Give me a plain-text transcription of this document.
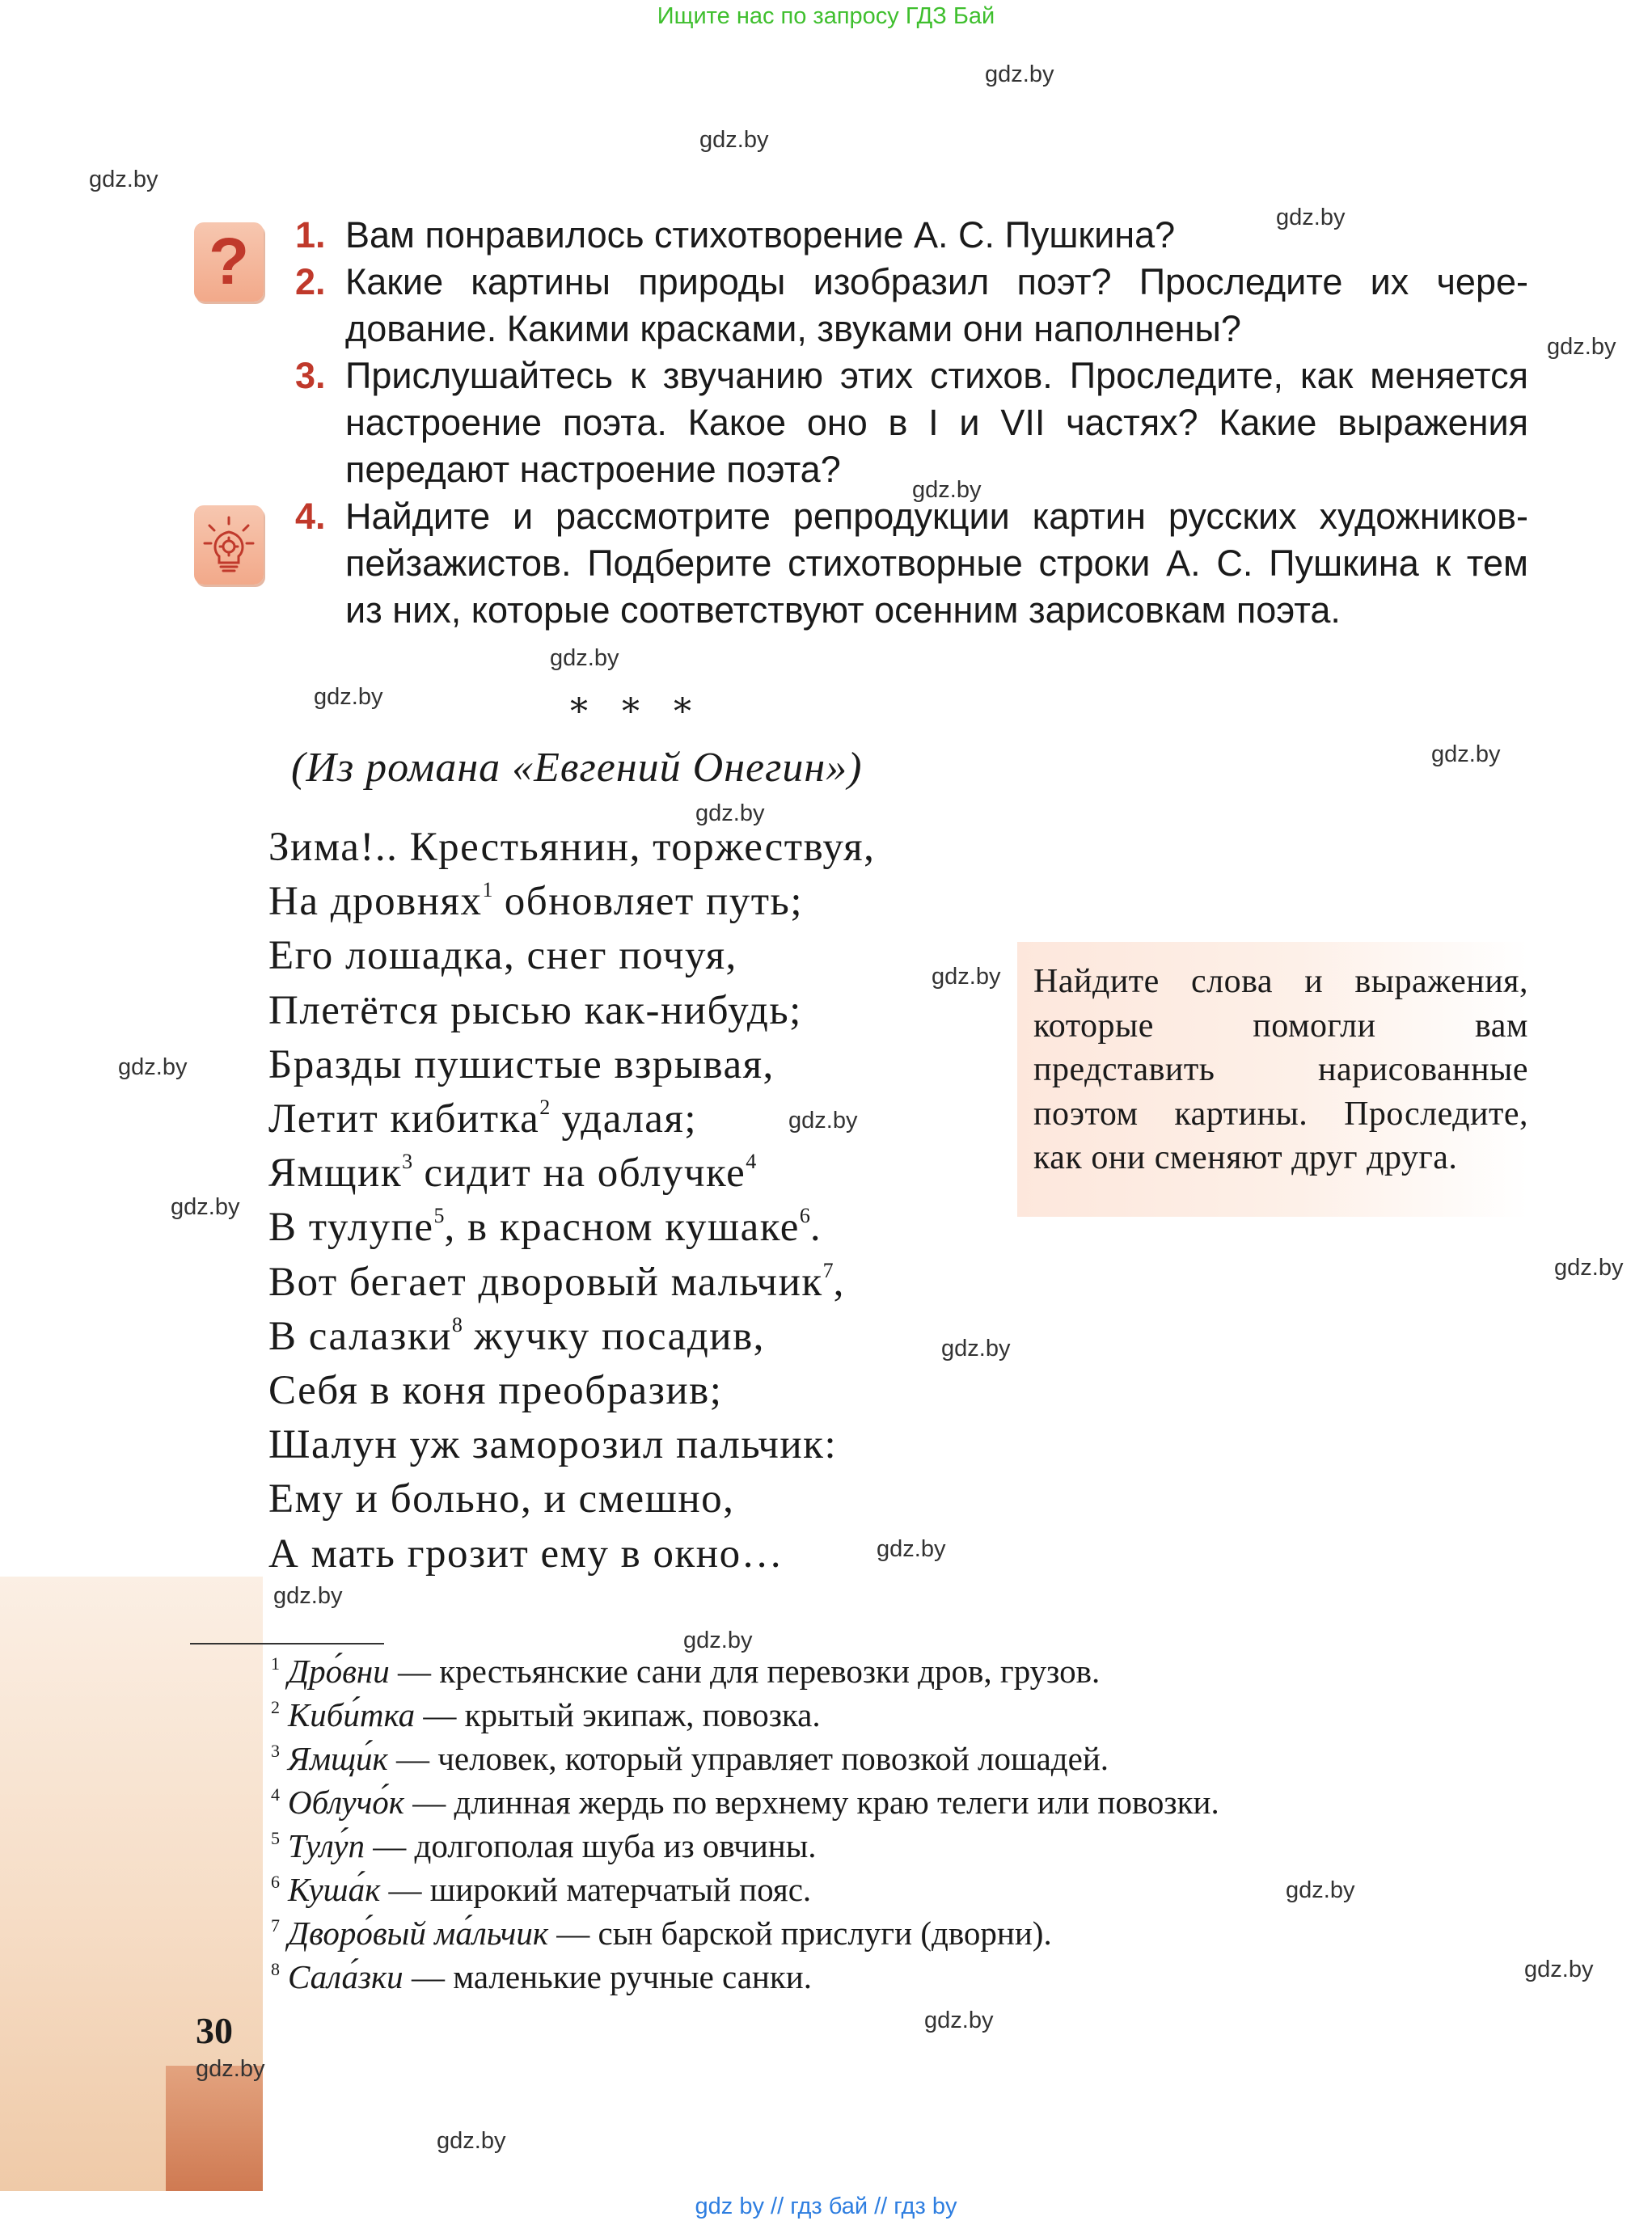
Ищите нас по запросу ГДЗ Бай
gdz.by
gdz.by
gdz.by
gdz.by
gdz.by
gdz.by
gdz.by
gdz.by
gdz.by
gdz.by
gdz.by
gdz.by
gdz.by
gdz.by
gdz.by
gdz.by
gdz.by
gdz.by
gdz.by
gdz.by
gdz.by
gdz.by
gdz.by
gdz.by
? 1. Вам понравилось стихотворение А. С. Пушкина?
2. Какие картины природы изобразил поэт? Проследите их чередование. Какими красками, звуками они наполнены?
3. Прислушайтесь к звучанию этих стихов. Проследите, как меняется настроение поэта. Какое оно в I и VII частях? Какие выражения передают настроение поэта?
4. Найдите и рассмотрите репродукции картин русских художников-пейзажистов. Подберите стихотворные строки А. С. Пушкина к тем из них, которые соответствуют осенним зарисовкам поэта.
* * *
(Из романа «Евгений Онегин»)
Зима!.. Крестьянин, торжествуя,
На дровнях$^1$ обновляет путь;
Его лошадка, снег почуя,
Плетётся рысью как-нибудь;
Бразды пушистые взрывая,
Летит кибитка$^2$ удалая;
Ямщик$^3$ сидит на облучке$^4$
В тулупе$^5$, в красном кушаке$^6$.
Вот бегает дворовый мальчик$^7$,
В салазки$^8$ жучку посадив,
Себя в коня преобразив;
Шалун уж заморозил пальчик:
Ему и больно, и смешно,
А мать грозит ему в окно…
Найдите слова и выражения, которые помогли вам представить нарисованные поэтом картины. Проследите, как они сменяют друг друга.
1 Дро́вни — крестьянские сани для перевозки дров, грузов.
2 Киби́тка — крытый экипаж, повозка.
3 Ямщи́к — человек, который управляет повозкой лошадей.
4 Облучо́к — длинная жердь по верхнему краю телеги или повозки.
5 Тулу́п — долгополая шуба из овчины.
6 Куша́к — широкий матерчатый пояс.
7 Дворо́вый ма́льчик — сын барской прислуги (дворни).
8 Сала́зки — маленькие ручные санки.
30
gdz by // гдз бай // гдз by
